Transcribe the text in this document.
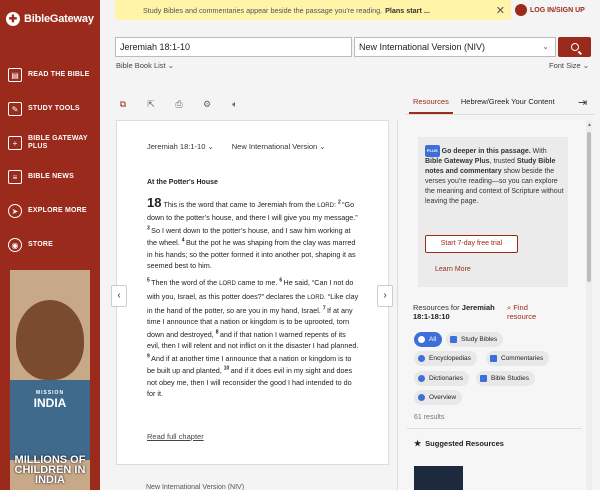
✚ BibleGateway
▤	READ THE BIBLE
✎	STUDY TOOLS
+	BIBLE GATEWAY PLUS
≡	BIBLE NEWS
➤	EXPLORE MORE
◉	STORE
MISSION
INDIA
MILLIONS OF CHILDREN IN INDIA
Study Bibles and commentaries appear beside the passage you're reading. Plans start ...	✕	LOG IN/SIGN UP
Jeremiah 18:1-10	New International Version (NIV)	⌄
Bible Book List ⌄	Font Size ⌄
⧉	⇱	⎙	⚙	🔈︎	Resources	Hebrew/Greek Your Content ⇥
Jeremiah 18:1-10 ⌄ New International Version ⌄
At the Potter's House

18 This is the word that came to Jeremiah from the LORD: $^2$ “Go down to the potter’s house, and there I will give you my message.” $^3$ So I went down to the potter’s house, and I saw him working at the wheel. $^4$ But the pot he was shaping from the clay was marred in his hands; so the potter formed it into another pot, shaping it as seemed best to him.

$^5$ Then the word of the LORD came to me. $^6$ He said, “Can I not do with you, Israel, as this potter does?” declares the LORD. “Like clay in the hand of the potter, so are you in my hand, Israel. $^7$ If at any time I announce that a nation or kingdom is to be uprooted, torn down and destroyed, $^8$ and if that nation I warned repents of its evil, then I will relent and not inflict on it the disaster I had planned. $^9$ And if at another time I announce that a nation or kingdom is to be built up and planted, $^{10}$ and if it does evil in my sight and does not obey me, then I will reconsider the good I had intended to do for it.

Read full chapter
‹	›
New International Version (NIV)
▲
PLUS Go deeper in this passage. With Bible Gateway Plus, trusted Study Bible notes and commentary show beside the verses you’re reading—so you can explore the meaning and context of Scripture without leaving the page.
Start 7-day free trial
Learn More
Resources for Jeremiah 18:1-18:10
⌕ Find resource
All	Study Bibles
Encyclopedias	Commentaries
Dictionaries	Bible Studies
Overview
61 results
★ Suggested Resources
